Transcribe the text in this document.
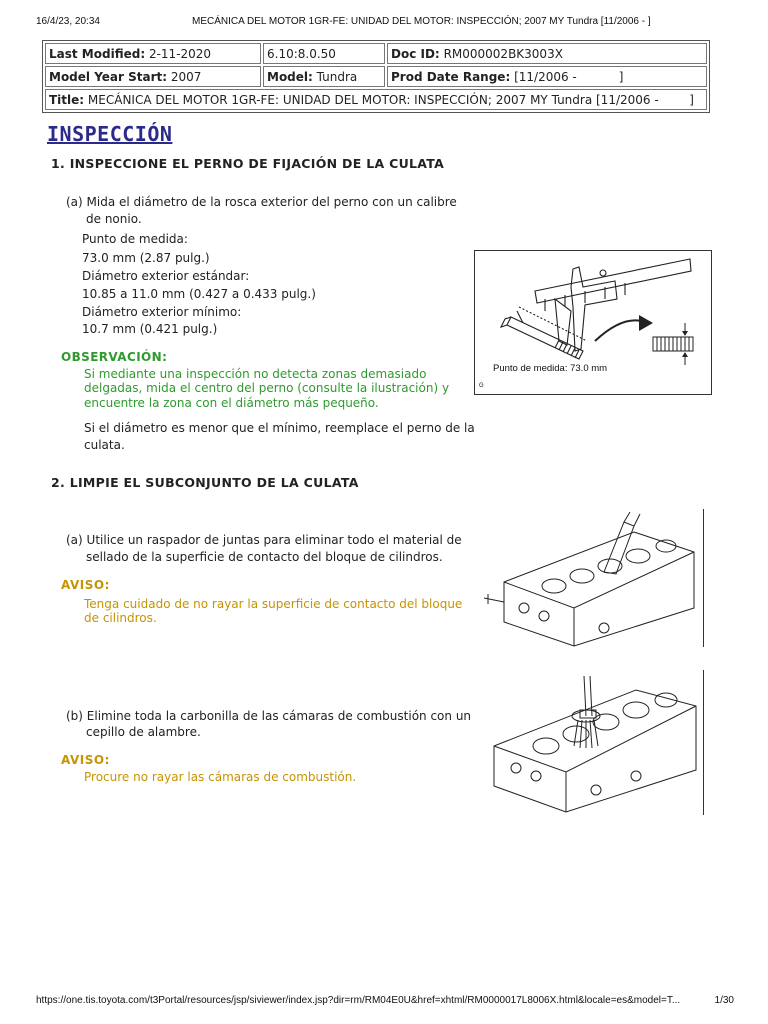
16/4/23, 20:34	MECÁNICA DEL MOTOR 1GR-FE: UNIDAD DEL MOTOR: INSPECCIÓN; 2007 MY Tundra [11/2006 - ]
Last Modified: 2-11-2020	6.10:8.0.50	Doc ID: RM000002BK3003X
Model Year Start: 2007	Model: Tundra	Prod Date Range: [11/2006 -           ]
Title: MECÁNICA DEL MOTOR 1GR-FE: UNIDAD DEL MOTOR: INSPECCIÓN; 2007 MY Tundra [11/2006 -        ]		
INSPECCIÓN
1. INSPECCIONE EL PERNO DE FIJACIÓN DE LA CULATA
(a) Mida el diámetro de la rosca exterior del perno con un calibre
de nonio.
Punto de medida:
73.0 mm (2.87 pulg.)
Diámetro exterior estándar:
10.85 a 11.0 mm (0.427 a 0.433 pulg.)
Diámetro exterior mínimo:
10.7 mm (0.421 pulg.)
OBSERVACIÓN:
Si mediante una inspección no detecta zonas demasiado
delgadas, mida el centro del perno (consulte la ilustración) y
encuentre la zona con el diámetro más pequeño.
Si el diámetro es menor que el mínimo, reemplace el perno de la
culata.
Punto de medida: 73.0 mm
G
2. LIMPIE EL SUBCONJUNTO DE LA CULATA
(a) Utilice un raspador de juntas para eliminar todo el material de
sellado de la superficie de contacto del bloque de cilindros.
AVISO:
Tenga cuidado de no rayar la superficie de contacto del bloque
de cilindros.
(b) Elimine toda la carbonilla de las cámaras de combustión con un
cepillo de alambre.
AVISO:
Procure no rayar las cámaras de combustión.
https://one.tis.toyota.com/t3Portal/resources/jsp/siviewer/index.jsp?dir=rm/RM04E0U&href=xhtml/RM0000017L8006X.html&locale=es&model=T...	1/30
